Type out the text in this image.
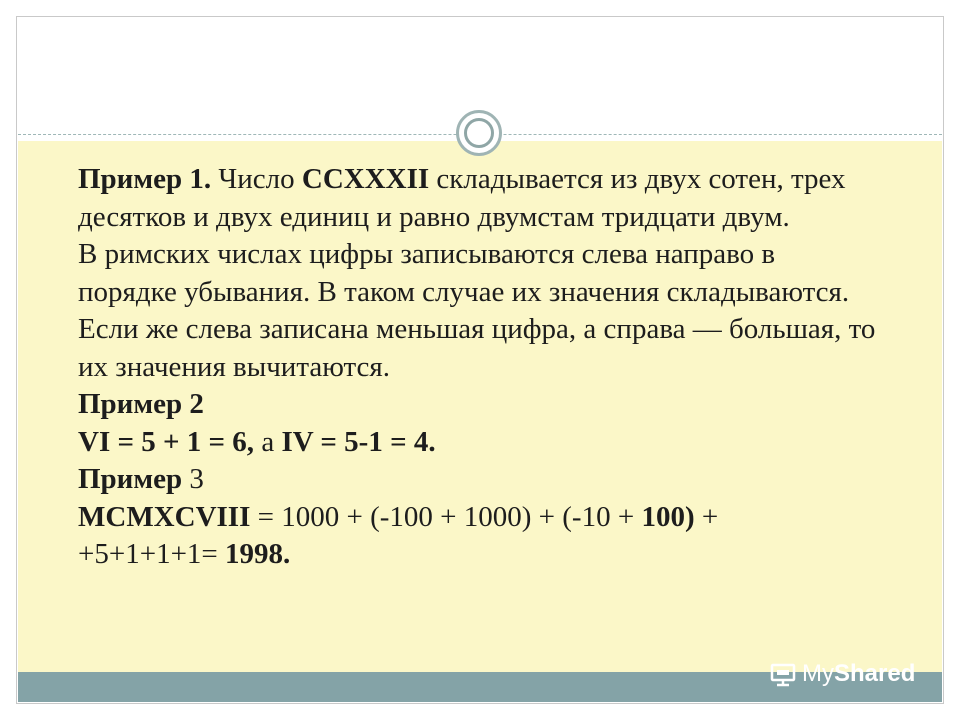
Пример 1. Число CCXXXII складывается из двух сотен, трех десятков и двух единиц и равно двумстам тридцати двум.

В римских числах цифры записываются слева направо в порядке убывания. В таком случае их значения складываются. Если же слева записана меньшая цифра, а справа — большая, то их значения вычитаются.

Пример 2

VI = 5 + 1 = 6, а IV = 5-1 = 4.

Пример 3

MCMXCVIII = 1000 + (-100 + 1000) + (-10 + 100) +

+5+1+1+1= 1998.

MyShared
